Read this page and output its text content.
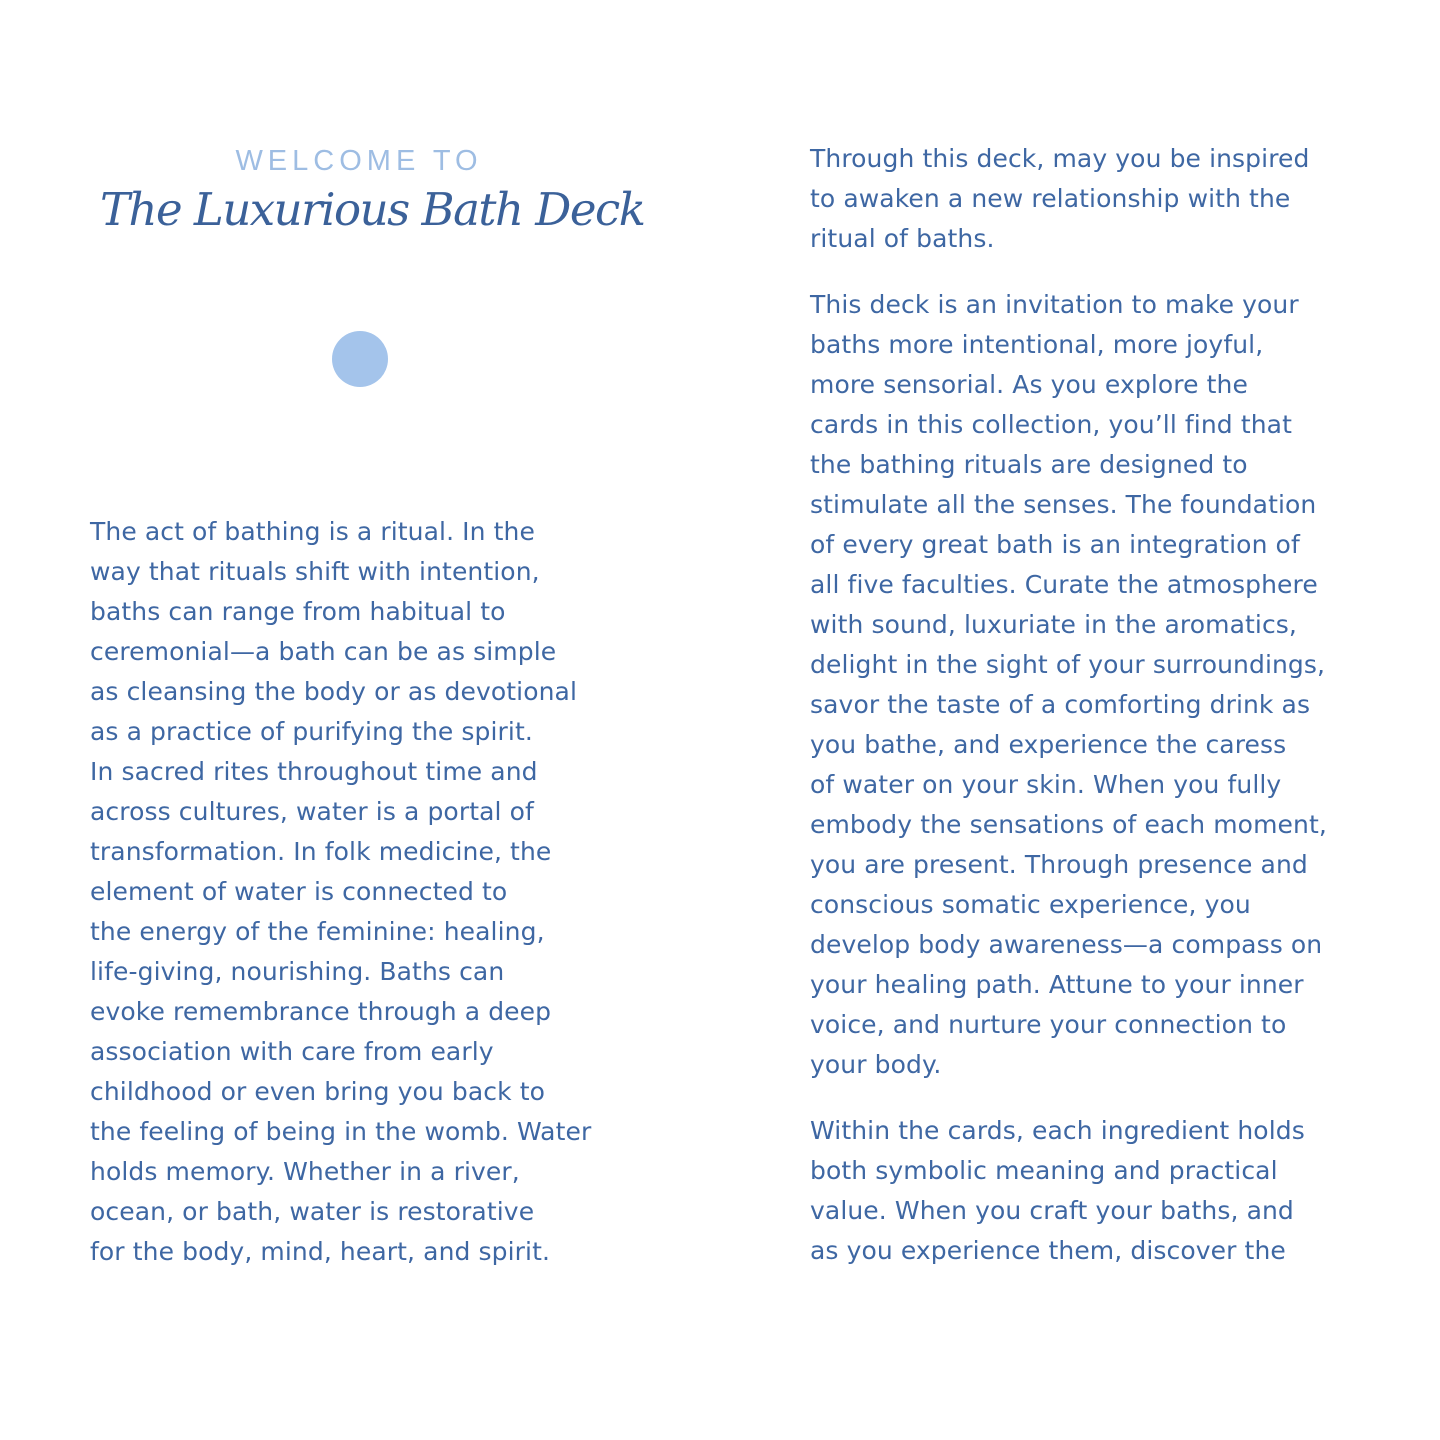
WELCOME TO
The Luxurious Bath Deck

The act of bathing is a ritual. In the
way that rituals shift with intention,
baths can range from habitual to
ceremonial—a bath can be as simple
as cleansing the body or as devotional
as a practice of purifying the spirit.
In sacred rites throughout time and
across cultures, water is a portal of
transformation. In folk medicine, the
element of water is connected to
the energy of the feminine: healing,
life-giving, nourishing. Baths can
evoke remembrance through a deep
association with care from early
childhood or even bring you back to
the feeling of being in the womb. Water
holds memory. Whether in a river,
ocean, or bath, water is restorative
for the body, mind, heart, and spirit.

Through this deck, may you be inspired
to awaken a new relationship with the
ritual of baths.

This deck is an invitation to make your
baths more intentional, more joyful,
more sensorial. As you explore the
cards in this collection, you’ll find that
the bathing rituals are designed to
stimulate all the senses. The foundation
of every great bath is an integration of
all five faculties. Curate the atmosphere
with sound, luxuriate in the aromatics,
delight in the sight of your surroundings,
savor the taste of a comforting drink as
you bathe, and experience the caress
of water on your skin. When you fully
embody the sensations of each moment,
you are present. Through presence and
conscious somatic experience, you
develop body awareness—a compass on
your healing path. Attune to your inner
voice, and nurture your connection to
your body.

Within the cards, each ingredient holds
both symbolic meaning and practical
value. When you craft your baths, and
as you experience them, discover the
